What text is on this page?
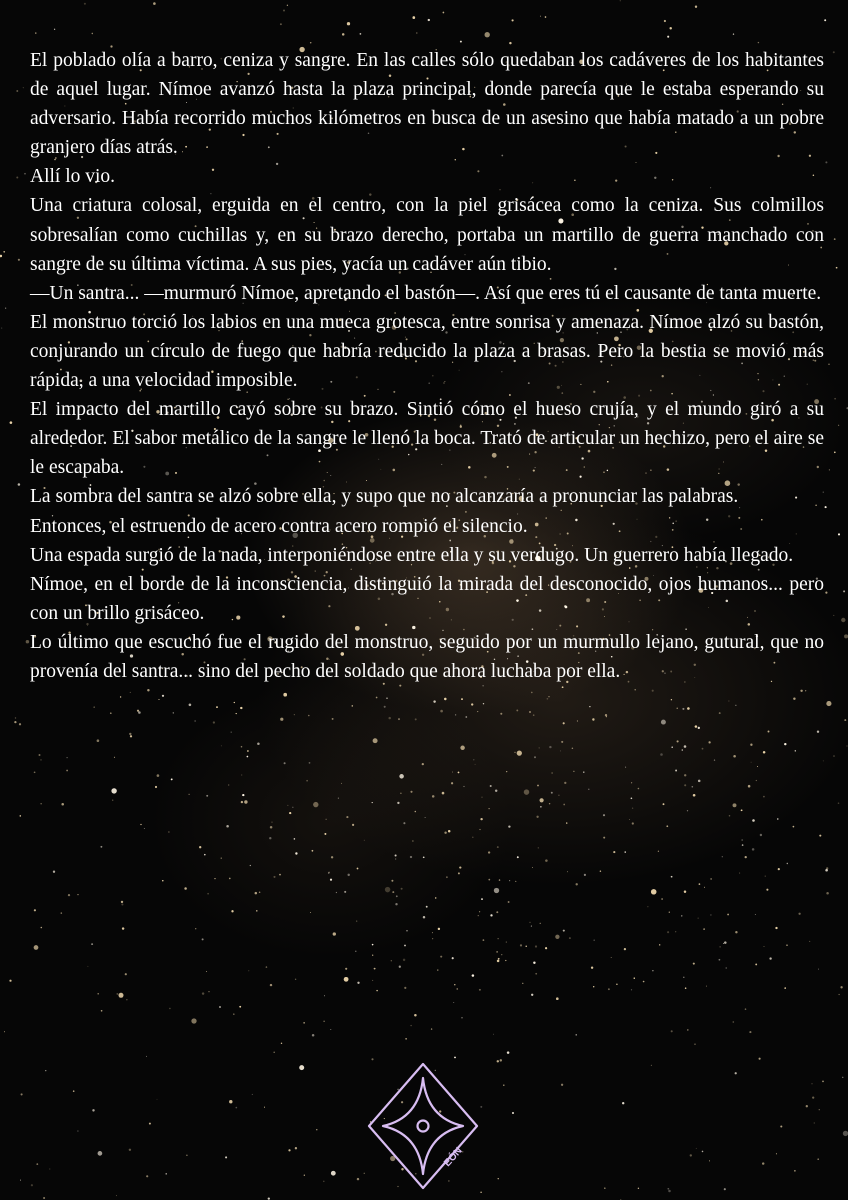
El poblado olía a barro, ceniza y sangre. En las calles sólo quedaban los cadáveres de los habitantes de aquel lugar. Nímoe avanzó hasta la plaza principal, donde parecía que le estaba esperando su adversario. Había recorrido muchos kilómetros en busca de un asesino que había matado a un pobre granjero días atrás.

Allí lo vio.

Una criatura colosal, erguida en el centro, con la piel grisácea como la ceniza. Sus colmillos sobresalían como cuchillas y, en su brazo derecho, portaba un martillo de guerra manchado con sangre de su última víctima. A sus pies, yacía un cadáver aún tibio.

—Un santra... —murmuró Nímoe, apretando el bastón—. Así que eres tú el causante de tanta muerte.

El monstruo torció los labios en una mueca grotesca, entre sonrisa y amenaza. Nímoe alzó su bastón, conjurando un círculo de fuego que habría reducido la plaza a brasas. Pero la bestia se movió más rápida, a una velocidad imposible.

El impacto del martillo cayó sobre su brazo. Sintió cómo el hueso crujía, y el mundo giró a su alrededor. El sabor metálico de la sangre le llenó la boca. Trató de articular un hechizo, pero el aire se le escapaba.

La sombra del santra se alzó sobre ella, y supo que no alcanzaría a pronunciar las palabras.

Entonces, el estruendo de acero contra acero rompió el silencio.

Una espada surgió de la nada, interponiéndose entre ella y su verdugo. Un guerrero había llegado.

Nímoe, en el borde de la inconsciencia, distinguió la mirada del desconocido, ojos humanos... pero con un brillo grisáceo.

Lo último que escuchó fue el rugido del monstruo, seguido por un murmullo lejano, gutural, que no provenía del santra... sino del pecho del soldado que ahora luchaba por ella.

EÓN
